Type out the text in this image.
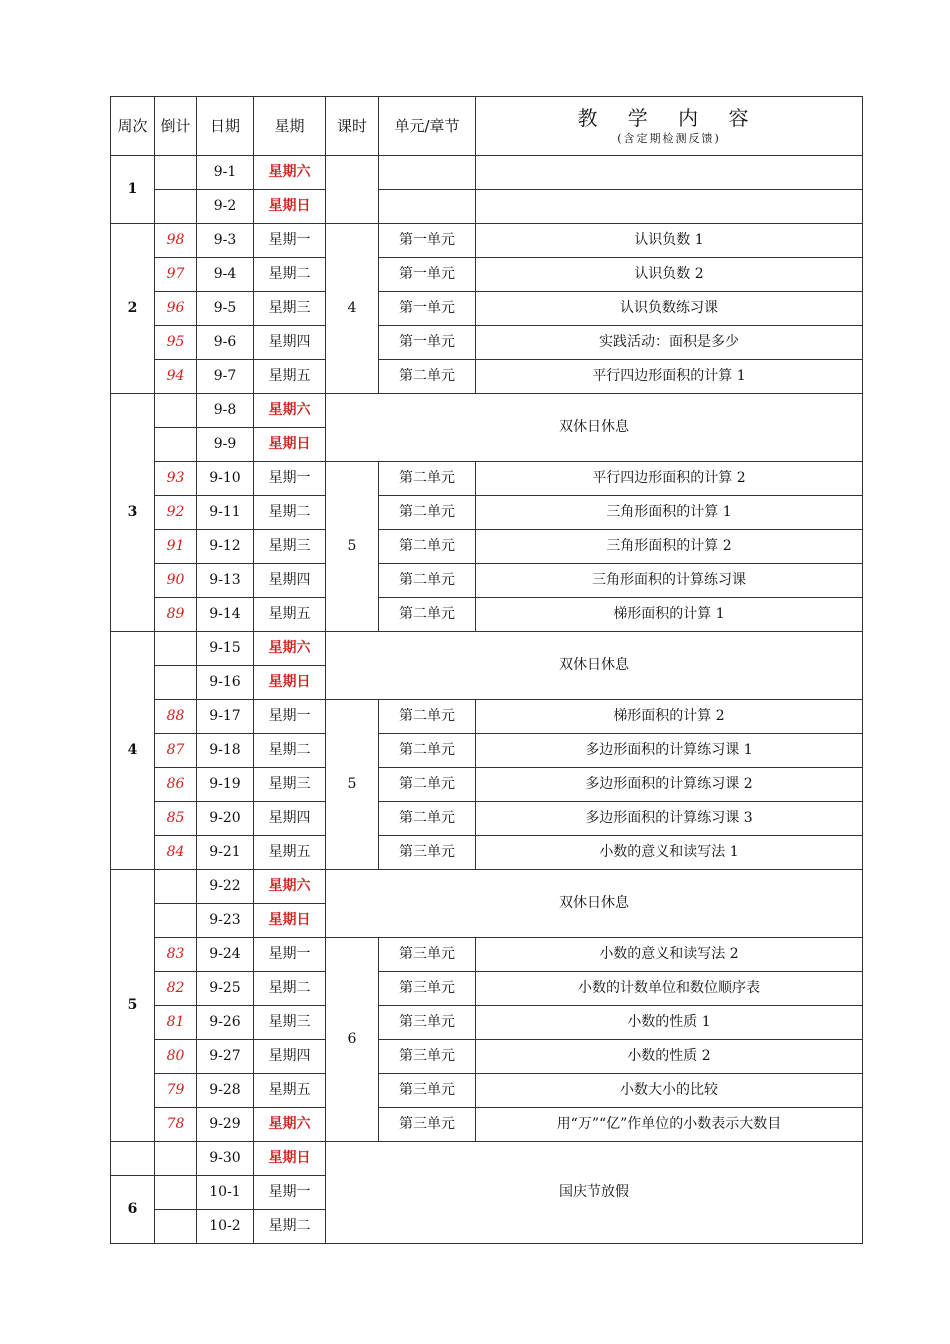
周次	倒计	日期	星期	课时	单元/章节	教 学 内 容
(含定期检测反馈)

1		9-1	星期六			
		9-2	星期日			
2	98	9-3	星期一	4	第一单元	认识负数 1
	97	9-4	星期二		第一单元	认识负数 2
	96	9-5	星期三		第一单元	认识负数练习课
	95	9-6	星期四		第一单元	实践活动：面积是多少
	94	9-7	星期五		第二单元	平行四边形面积的计算 1
3		9-8	星期六	双休日休息		
		9-9	星期日			
	93	9-10	星期一	5	第二单元	平行四边形面积的计算 2
	92	9-11	星期二		第二单元	三角形面积的计算 1
	91	9-12	星期三		第二单元	三角形面积的计算 2
	90	9-13	星期四		第二单元	三角形面积的计算练习课
	89	9-14	星期五		第二单元	梯形面积的计算 1
4		9-15	星期六	双休日休息		
		9-16	星期日			
	88	9-17	星期一	5	第二单元	梯形面积的计算 2
	87	9-18	星期二		第二单元	多边形面积的计算练习课 1
	86	9-19	星期三		第二单元	多边形面积的计算练习课 2
	85	9-20	星期四		第二单元	多边形面积的计算练习课 3
	84	9-21	星期五		第三单元	小数的意义和读写法 1
5		9-22	星期六	双休日休息		
		9-23	星期日			
	83	9-24	星期一	6	第三单元	小数的意义和读写法 2
	82	9-25	星期二		第三单元	小数的计数单位和数位顺序表
	81	9-26	星期三		第三单元	小数的性质 1
	80	9-27	星期四		第三单元	小数的性质 2
	79	9-28	星期五		第三单元	小数大小的比较
	78	9-29	星期六		第三单元	用“万”“亿”作单位的小数表示大数目
		9-30	星期日	国庆节放假		
6		10-1	星期一			
		10-2	星期二			
